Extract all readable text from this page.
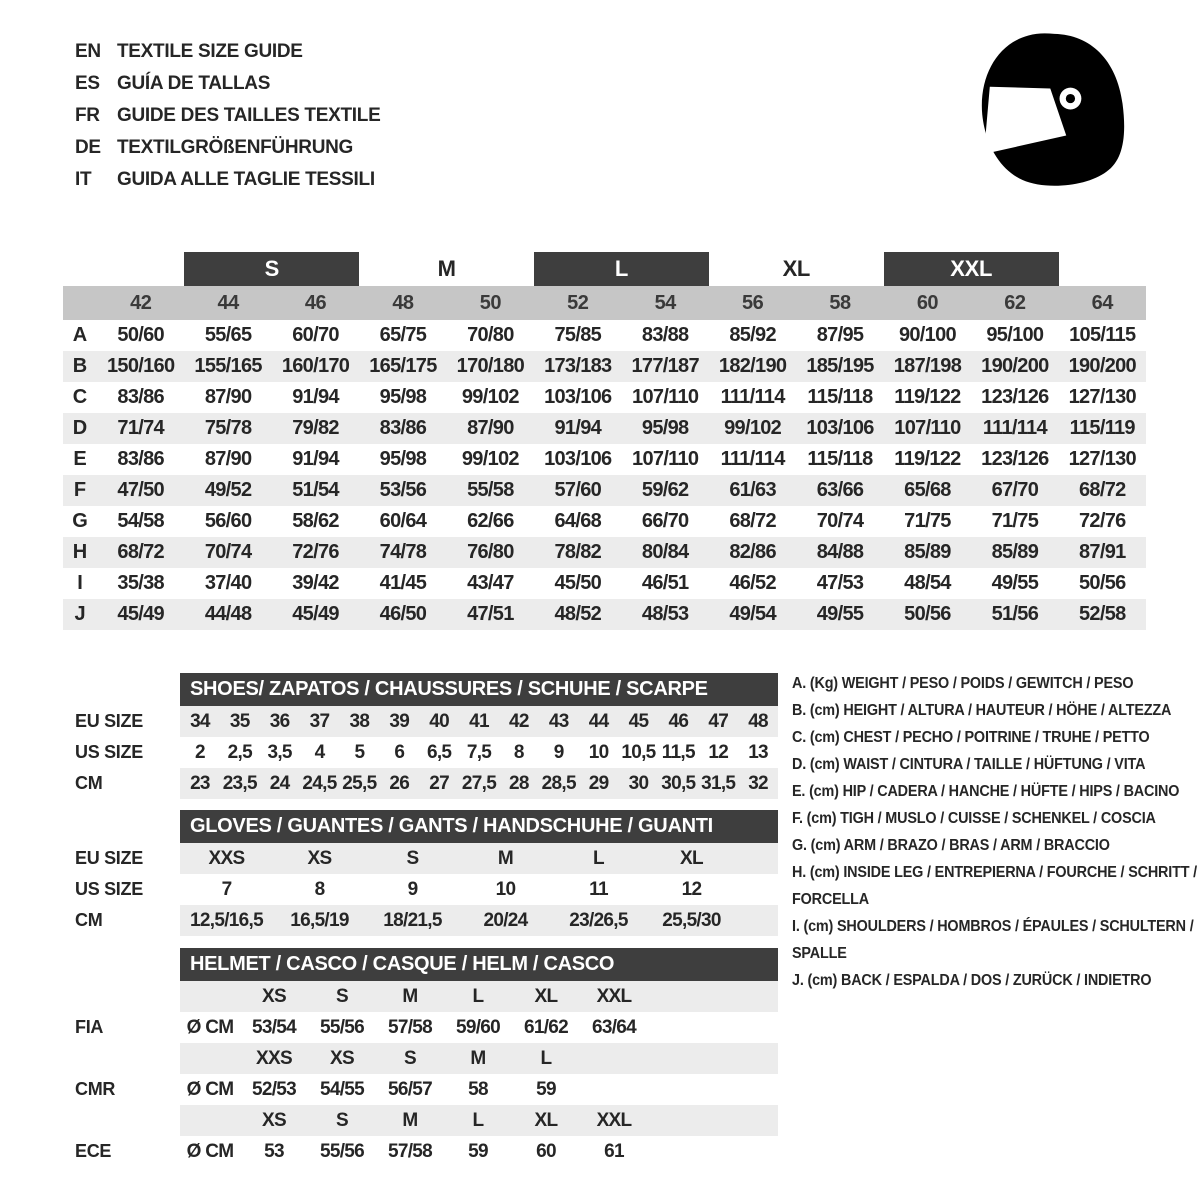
EN TEXTILE SIZE GUIDE
ES GUÍA DE TALLAS
FR GUIDE DES TAILLES TEXTILE
DE TEXTILGRÖßENFÜHRUNG
IT	GUIDA ALLE TAGLIE TESSILI
S	M	L	XL	XXL
42	44	46	48	50	52	54	56	58	60	62	64
A	50/60	55/65	60/70	65/75	70/80	75/85	83/88	85/92	87/95	90/100	95/100	105/115
B 150/160	155/165	160/170	165/175	170/180	173/183	177/187	182/190	185/195	187/198	190/200	190/200
C	83/86	87/90	91/94	95/98	99/102	103/106	107/110	111/114	115/118	119/122	123/126	127/130
D	71/74	75/78	79/82	83/86	87/90	91/94	95/98	99/102	103/106	107/110	111/114	115/119
E	83/86	87/90	91/94	95/98	99/102	103/106	107/110	111/114	115/118	119/122	123/126	127/130
F	47/50	49/52	51/54	53/56	55/58	57/60	59/62	61/63	63/66	65/68	67/70	68/72
G	54/58	56/60	58/62	60/64	62/66	64/68	66/70	68/72	70/74	71/75	71/75	72/76
H	68/72	70/74	72/76	74/78	76/80	78/82	80/84	82/86	84/88	85/89	85/89	87/91
I	35/38	37/40	39/42	41/45	43/47	45/50	46/51	46/52	47/53	48/54	49/55	50/56
J	45/49	44/48	45/49	46/50	47/51	48/52	48/53	49/54	49/55	50/56	51/56	52/58
SHOES/ ZAPATOS / CHAUSSURES / SCHUHE / SCARPE
EU SIZE	34	35	36	37	38	39	40	41	42	43	44	45	46	47	48
US SIZE	2	2,5 3,5	4	5	6	6,5 7,5	8	9	10 10,5 11,5 12	13
CM	23 23,5 24 24,5 25,5 26	27 27,5 28 28,5 29	30 30,5 31,5 32
GLOVES / GUANTES / GANTS / HANDSCHUHE / GUANTI
EU SIZE	XXS	XS	S	M	L	XL
US SIZE	7	8	9	10	11	12
CM	12,5/16,5	16,5/19	18/21,5	20/24	23/26,5	25,5/30
HELMET / CASCO / CASQUE / HELM / CASCO
XS	S	M	L	XL	XXL
FIA	Ø CM 53/54	55/56	57/58	59/60	61/62	63/64
XXS	XS	S	M	L
CMR	Ø CM 52/53	54/55	56/57	58	59
XS	S	M	L	XL	XXL
ECE	Ø CM	53	55/56	57/58	59	60	61
A. (Kg) WEIGHT / PESO / POIDS / GEWITCH / PESO
B. (cm) HEIGHT / ALTURA / HAUTEUR / HÖHE / ALTEZZA
C. (cm) CHEST / PECHO / POITRINE / TRUHE / PETTO
D. (cm) WAIST / CINTURA / TAILLE / HÜFTUNG / VITA
E. (cm) HIP / CADERA / HANCHE / HÜFTE / HIPS / BACINO
F. (cm) TIGH / MUSLO / CUISSE / SCHENKEL / COSCIA
G. (cm) ARM / BRAZO / BRAS / ARM / BRACCIO
H. (cm) INSIDE LEG / ENTREPIERNA / FOURCHE / SCHRITT / FORCELLA
I. (cm) SHOULDERS / HOMBROS / ÉPAULES / SCHULTERN / SPALLE
J. (cm) BACK / ESPALDA / DOS / ZURÜCK / INDIETRO
